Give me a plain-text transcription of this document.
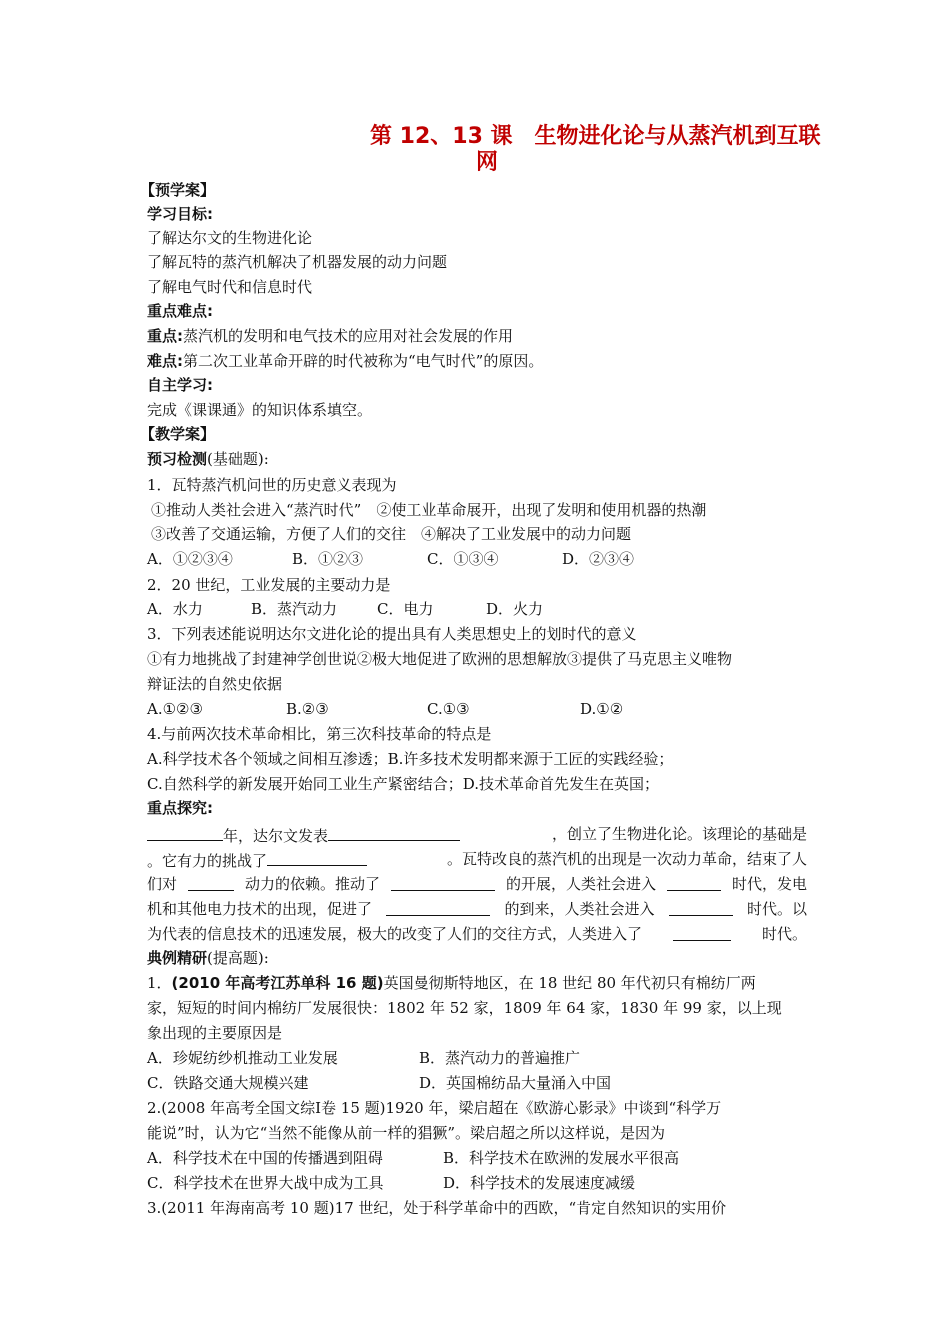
第 12、13 课　生物进化论与从蒸汽机到互联
网
【预学案】
学习目标:
了解达尔文的生物进化论
了解瓦特的蒸汽机解决了机器发展的动力问题
了解电气时代和信息时代
重点难点:
重点:蒸汽机的发明和电气技术的应用对社会发展的作用
难点:第二次工业革命开辟的时代被称为“电气时代”的原因。
自主学习:
完成《课课通》的知识体系填空。
【教学案】
预习检测(基础题):
1．瓦特蒸汽机问世的历史意义表现为
①推动人类社会进入“蒸汽时代”　②使工业革命展开，出现了发明和使用机器的热潮
③改善了交通运输，方便了人们的交往　④解决了工业发展中的动力问题
A．①②③④	B．①②③	C．①③④	D．②③④
2．20 世纪，工业发展的主要动力是
A．水力	B．蒸汽动力	C．电力	D．火力
3．下列表述能说明达尔文进化论的提出具有人类思想史上的划时代的意义
①有力地挑战了封建神学创世说②极大地促进了欧洲的思想解放③提供了马克思主义唯物
辩证法的自然史依据
A.①②③	B.②③	C.①③	D.①②
4.与前两次技术革命相比，第三次科技革命的特点是
A.科学技术各个领域之间相互渗透；B.许多技术发明都来源于工匠的实践经验；
C.自然科学的新发展开始同工业生产紧密结合；D.技术革命首先发生在英国；
重点探究:
年，达尔文发表	，创立了生物进化论。该理论的基础是
。它有力的挑战了	。瓦特改良的蒸汽机的出现是一次动力革命，结束了人
们对	动力的依赖。推动了	的开展，人类社会进入	时代，发电
机和其他电力技术的出现，促进了	的到来，人类社会进入	时代。以
为代表的信息技术的迅速发展，极大的改变了人们的交往方式，人类进入了	时代。
典例精研(提高题):
1．(2010 年高考江苏单科 16 题)英国曼彻斯特地区，在 18 世纪 80 年代初只有棉纺厂两
家，短短的时间内棉纺厂发展很快：1802 年 52 家，1809 年 64 家，1830 年 99 家，以上现
象出现的主要原因是
A．珍妮纺纱机推动工业发展	B．蒸汽动力的普遍推广
C．铁路交通大规模兴建	D．英国棉纺品大量涌入中国
2.(2008 年高考全国文综Ⅰ卷 15 题)1920 年，梁启超在《欧游心影录》中谈到“科学万
能说”时，认为它“当然不能像从前一样的猖獗”。梁启超之所以这样说，是因为
A．科学技术在中国的传播遇到阻碍	B．科学技术在欧洲的发展水平很高
C．科学技术在世界大战中成为工具	D．科学技术的发展速度减缓
3.(2011 年海南高考 10 题)17 世纪，处于科学革命中的西欧，“肯定自然知识的实用价
